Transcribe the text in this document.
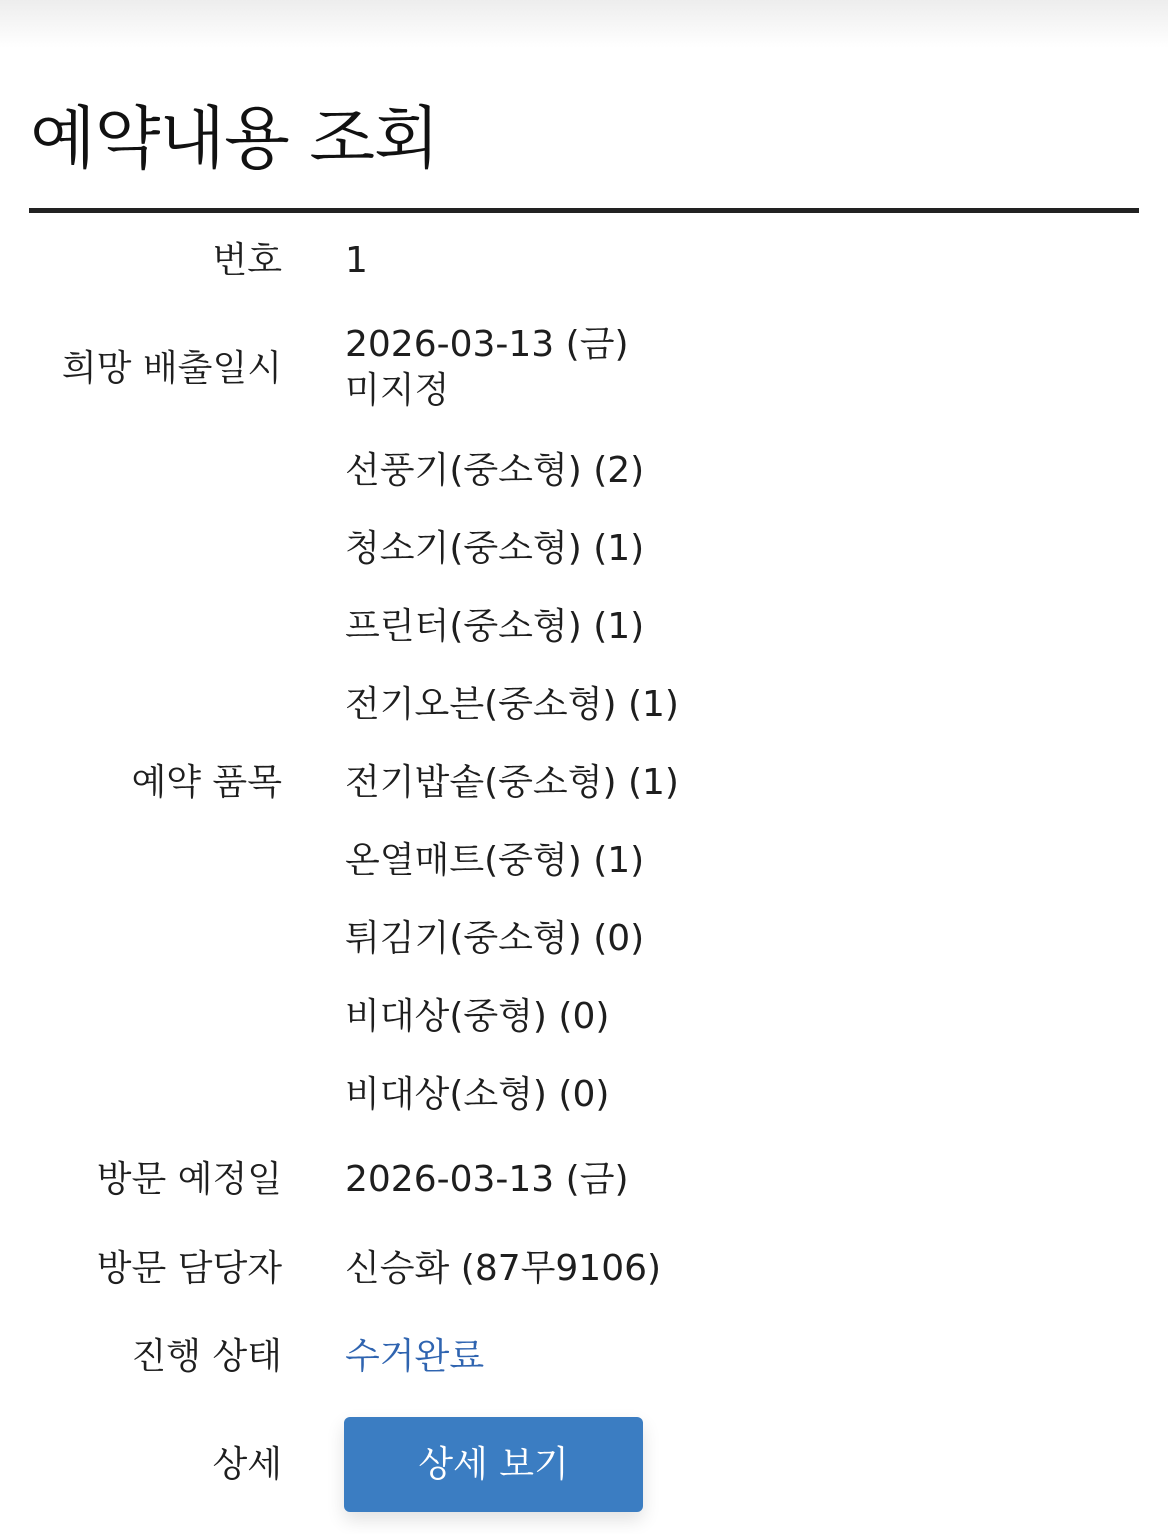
예약내용 조회
번호 1
희망 배출일시
2026-03-13 (금)
미지정
예약 품목
선풍기(중소형) (2)
청소기(중소형) (1)
프린터(중소형) (1)
전기오븐(중소형) (1)
전기밥솥(중소형) (1)
온열매트(중형) (1)
튀김기(중소형) (0)
비대상(중형) (0)
비대상(소형) (0)
방문 예정일 2026-03-13 (금)
방문 담당자 신승화 (87무9106)
진행 상태 수거완료
상세	상세 보기
